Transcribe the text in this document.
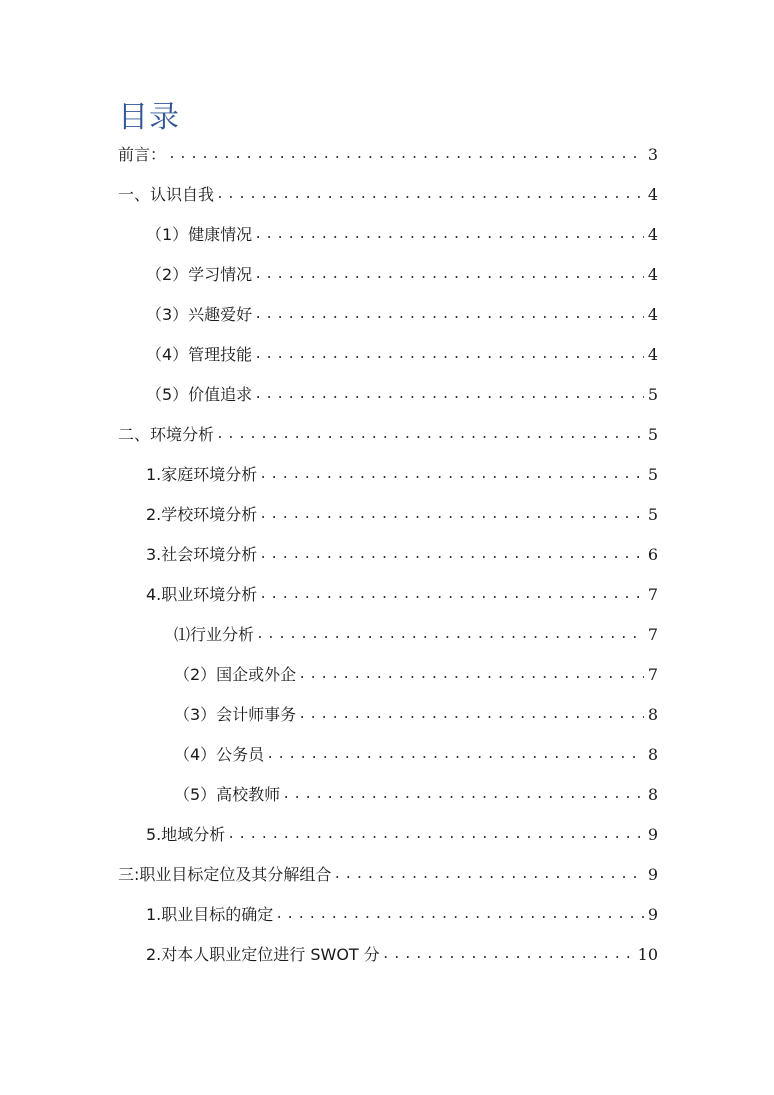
目录
前言： .....	3
一、认识自我 .....	4
（1）健康情况 .....	4
（2）学习情况 .....	4
（3）兴趣爱好 .....	4
（4）管理技能 .....	4
（5）价值追求 .....	5
二、环境分析 .....	5
1.家庭环境分析 .....	5
2.学校环境分析 .....	5
3.社会环境分析 .....	6
4.职业环境分析 .....	7
⑴行业分析 .....	7
（2）国企或外企 .....	7
（3）会计师事务 .....	8
（4）公务员 .....	8
（5）高校教师 .....	8
5.地域分析 .....	9
三:职业目标定位及其分解组合 .....	9
1.职业目标的确定 .....	9
2.对本人职业定位进行 SWOT 分 .....	10
